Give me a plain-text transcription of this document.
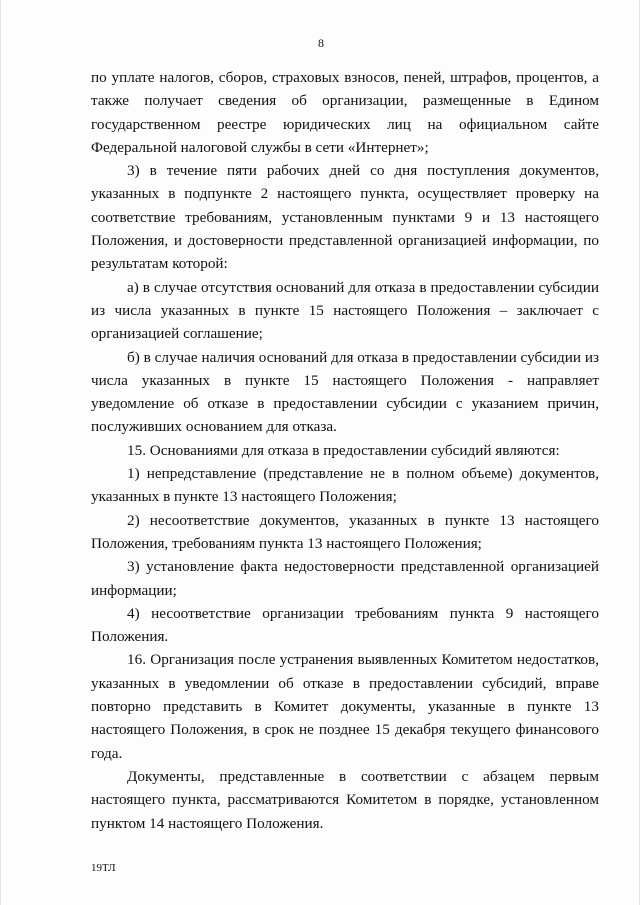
8

по уплате налогов, сборов, страховых взносов, пеней, штрафов, процентов, а также получает сведения об организации, размещенные в Едином государственном реестре юридических лиц на официальном сайте Федеральной налоговой службы в сети «Интернет»;

3) в течение пяти рабочих дней со дня поступления документов, указанных в подпункте 2 настоящего пункта, осуществляет проверку на соответствие требованиям, установленным пунктами 9 и 13 настоящего Положения, и достоверности представленной организацией информации, по результатам которой:

а) в случае отсутствия оснований для отказа в предоставлении субсидии из числа указанных в пункте 15 настоящего Положения – заключает с организацией соглашение;

б) в случае наличия оснований для отказа в предоставлении субсидии из числа указанных в пункте 15 настоящего Положения - направляет уведомление об отказе в предоставлении субсидии с указанием причин, послуживших основанием для отказа.

15. Основаниями для отказа в предоставлении субсидий являются:

1) непредставление (представление не в полном объеме) документов, указанных в пункте 13 настоящего Положения;

2) несоответствие документов, указанных в пункте 13 настоящего Положения, требованиям пункта 13 настоящего Положения;

3) установление факта недостоверности представленной организацией информации;

4) несоответствие организации требованиям пункта 9 настоящего Положения.

16. Организация после устранения выявленных Комитетом недостатков, указанных в уведомлении об отказе в предоставлении субсидий, вправе повторно представить в Комитет документы, указанные в пункте 13 настоящего Положения, в срок не позднее 15 декабря текущего финансового года.

Документы, представленные в соответствии с абзацем первым настоящего пункта, рассматриваются Комитетом в порядке, установленном пунктом 14 настоящего Положения.

19ТЛ
